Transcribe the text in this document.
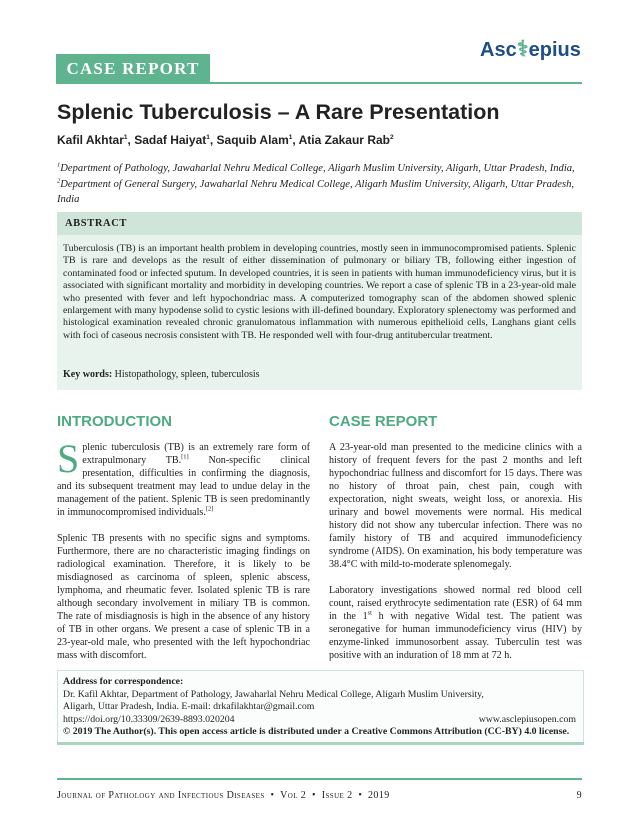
CASE REPORT
Asc⚕epius
Splenic Tuberculosis – A Rare Presentation
Kafil Akhtar$^1$, Sadaf Haiyat$^1$, Saquib Alam$^1$, Atia Zakaur Rab$^2$
$^1$Department of Pathology, Jawaharlal Nehru Medical College, Aligarh Muslim University, Aligarh, Uttar Pradesh, India, $^2$Department of General Surgery, Jawaharlal Nehru Medical College, Aligarh Muslim University, Aligarh, Uttar Pradesh, India
ABSTRACT
Tuberculosis (TB) is an important health problem in developing countries, mostly seen in immunocompromised patients. Splenic TB is rare and develops as the result of either dissemination of pulmonary or biliary TB, following either ingestion of contaminated food or infected sputum. In developed countries, it is seen in patients with human immunodeficiency virus, but it is associated with significant mortality and morbidity in developing countries. We report a case of splenic TB in a 23-year-old male who presented with fever and left hypochondriac mass. A computerized tomography scan of the abdomen showed splenic enlargement with many hypodense solid to cystic lesions with ill-defined boundary. Exploratory splenectomy was performed and histological examination revealed chronic granulomatous inflammation with numerous epithelioid cells, Langhans giant cells with foci of caseous necrosis consistent with TB. He responded well with four-drug antitubercular treatment.
Key words: Histopathology, spleen, tuberculosis
INTRODUCTION
Splenic tuberculosis (TB) is an extremely rare form of extrapulmonary TB.[1] Non-specific clinical presentation, difficulties in confirming the diagnosis, and its subsequent treatment may lead to undue delay in the management of the patient. Splenic TB is seen predominantly in immunocompromised individuals.[2]
Splenic TB presents with no specific signs and symptoms. Furthermore, there are no characteristic imaging findings on radiological examination. Therefore, it is likely to be misdiagnosed as carcinoma of spleen, splenic abscess, lymphoma, and rheumatic fever. Isolated splenic TB is rare although secondary involvement in miliary TB is common. The rate of misdiagnosis is high in the absence of any history of TB in other organs. We present a case of splenic TB in a 23-year-old male, who presented with the left hypochondriac mass with discomfort.
CASE REPORT
A 23-year-old man presented to the medicine clinics with a history of frequent fevers for the past 2 months and left hypochondriac fullness and discomfort for 15 days. There was no history of throat pain, chest pain, cough with expectoration, night sweats, weight loss, or anorexia. His urinary and bowel movements were normal. His medical history did not show any tubercular infection. There was no family history of TB and acquired immunodeficiency syndrome (AIDS). On examination, his body temperature was 38.4°C with mild-to-moderate splenomegaly.
Laboratory investigations showed normal red blood cell count, raised erythrocyte sedimentation rate (ESR) of 64 mm in the 1st h with negative Widal test. The patient was seronegative for human immunodeficiency virus (HIV) by enzyme-linked immunosorbent assay. Tuberculin test was positive with an induration of 18 mm at 72 h.
Address for correspondence:
Dr. Kafil Akhtar, Department of Pathology, Jawaharlal Nehru Medical College, Aligarh Muslim University,
Aligarh, Uttar Pradesh, India. E-mail: drkafilakhtar@gmail.com
https://doi.org/10.33309/2639-8893.020204	www.asclepiusopen.com
© 2019 The Author(s). This open access article is distributed under a Creative Commons Attribution (CC-BY) 4.0 license.
Journal of Pathology and Infectious Diseases • Vol 2 • Issue 2 • 2019	9
